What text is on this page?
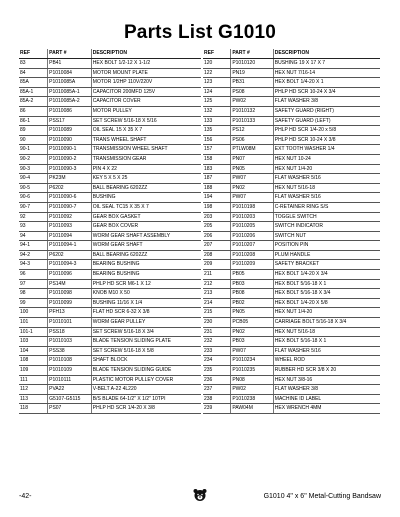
Parts List G1010
REF	PART #	DESCRIPTION
83	PB41	HEX BOLT 1/2-12 X 1-1/2
84	P1010084	MOTOR MOUNT PLATE
85A	P1010085A	MOTOR 1/2HP 110V/220V
85A-1	P1010085A-1	CAPACITOR 200MFD 125V
85A-2	P1010085A-2	CAPACITOR COVER
86	P1010086	MOTOR PULLEY
86-1	PSS17	SET SCREW 5/16-18 X 5/16
89	P1010089	OIL SEAL 15 X 35 X 7
90	P1010090	TRANS WHEEL SHAFT
90-1	P1010090-1	TRANSMISSION WHEEL SHAFT
90-2	P1010090-2	TRANSMISSION GEAR
90-3	P1010090-3	PIN 4 X 22
90-4	PK23M	KEY 5 X 5 X 25
90-5	P6202	BALL BEARING 6202ZZ
90-6	P1010090-6	BUSHING
90-7	P1010090-7	OIL SEAL TC15 X 35 X 7
92	P1010092	GEAR BOX GASKET
93	P1010093	GEAR BOX COVER
94	P1010094	WORM GEAR SHAFT ASSEMBLY
94-1	P1010094-1	WORM GEAR SHAFT
94-2	P6202	BALL BEARING 6202ZZ
94-3	P1010094-3	BEARING BUSHING
96	P1010096	BEARING BUSHING
97	PS14M	PHLP HD SCR M6-1 X 12
98	P1010098	KNOB M10 X 50
99	P1010099	BUSHING 11/16 X 1/4
100	PFH13	FLAT HD SCR 6-32 X 3/8
101	P1010101	WORM GEAR PULLEY
101-1	PSS18	SET SCREW 5/16-18 X 3/4
103	P1010103	BLADE TENSION SLIDING PLATE
104	PSS38	SET SCREW 5/16-18 X 5/8
108	P1010108	SHAFT BLOCK
109	P1010109	BLADE TENSION SLIDING GUIDE
111	P1010111	PLASTIC MOTOR PULLEY COVER
112	PVA22	V-BELT A-22 4L220
113	G5107-G5115	B/S BLADE 64-1/2" X 1/2" 10TPI
118	PS07	PHLP HD SCR 1/4-20 X 3/8
REF	PART #	DESCRIPTION
120	P1010120	BUSHING 19 X 17 X 7
122	PN19	HEX NUT 7/16-14
123	PB31	HEX BOLT 1/4-20 X 1
124	PS08	PHLP HD SCR 10-24 X 3/4
125	PW02	FLAT WASHER 3/8
132	P1010132	SAFETY GUARD (RIGHT)
133	P1010133	SAFETY GUARD (LEFT)
135	PS12	PHLP HD SCR 1/4-20 x 5/8
156	PS06	PHLP HD SCR 10-24 X 3/8
157	PTLW08M	EXT TOOTH WASHER 1/4
158	PN07	HEX NUT 10-24
183	PN05	HEX NUT 1/4-20
187	PW07	FLAT WASHER 5/16
188	PN02	HEX NUT 5/16-18
194	PW07	FLAT WASHER 5/16
198	P1010198	C-RETAINER RING S/S
203	P1010203	TOGGLE SWITCH
205	P1010205	SWITCH INDICATOR
206	P1010206	SWITCH NUT
207	P1010207	POSITION PIN
208	P1010208	PLUM HANDLE
209	P1010209	SAFETY BRACKET
211	PB05	HEX BOLT 1/4-20 X 3/4
212	PB03	HEX BOLT 5/16-18 X 1
213	PB08	HEX BOLT 5/16-18 X 3/4
214	PB02	HEX BOLT 1/4-20 X 5/8
215	PN05	HEX NUT 1/4-20
230	PCB05	CARRIAGE BOLT 5/16-18 X 3/4
231	PN02	HEX NUT 5/16-18
232	PB03	HEX BOLT 5/16-18 X 1
233	PW07	FLAT WASHER 5/16
234	P1010234	WHEEL ROD
235	P1010235	RUBBER HD SCR 3/8 X 20
236	PN08	HEX NUT 3/8-16
237	PW02	FLAT WASHER 3/8
238	P1010238	MACHINE ID LABEL
239	PAW04M	HEX WRENCH 4MM
-42-	G1010 4" x 6" Metal-Cutting Bandsaw
